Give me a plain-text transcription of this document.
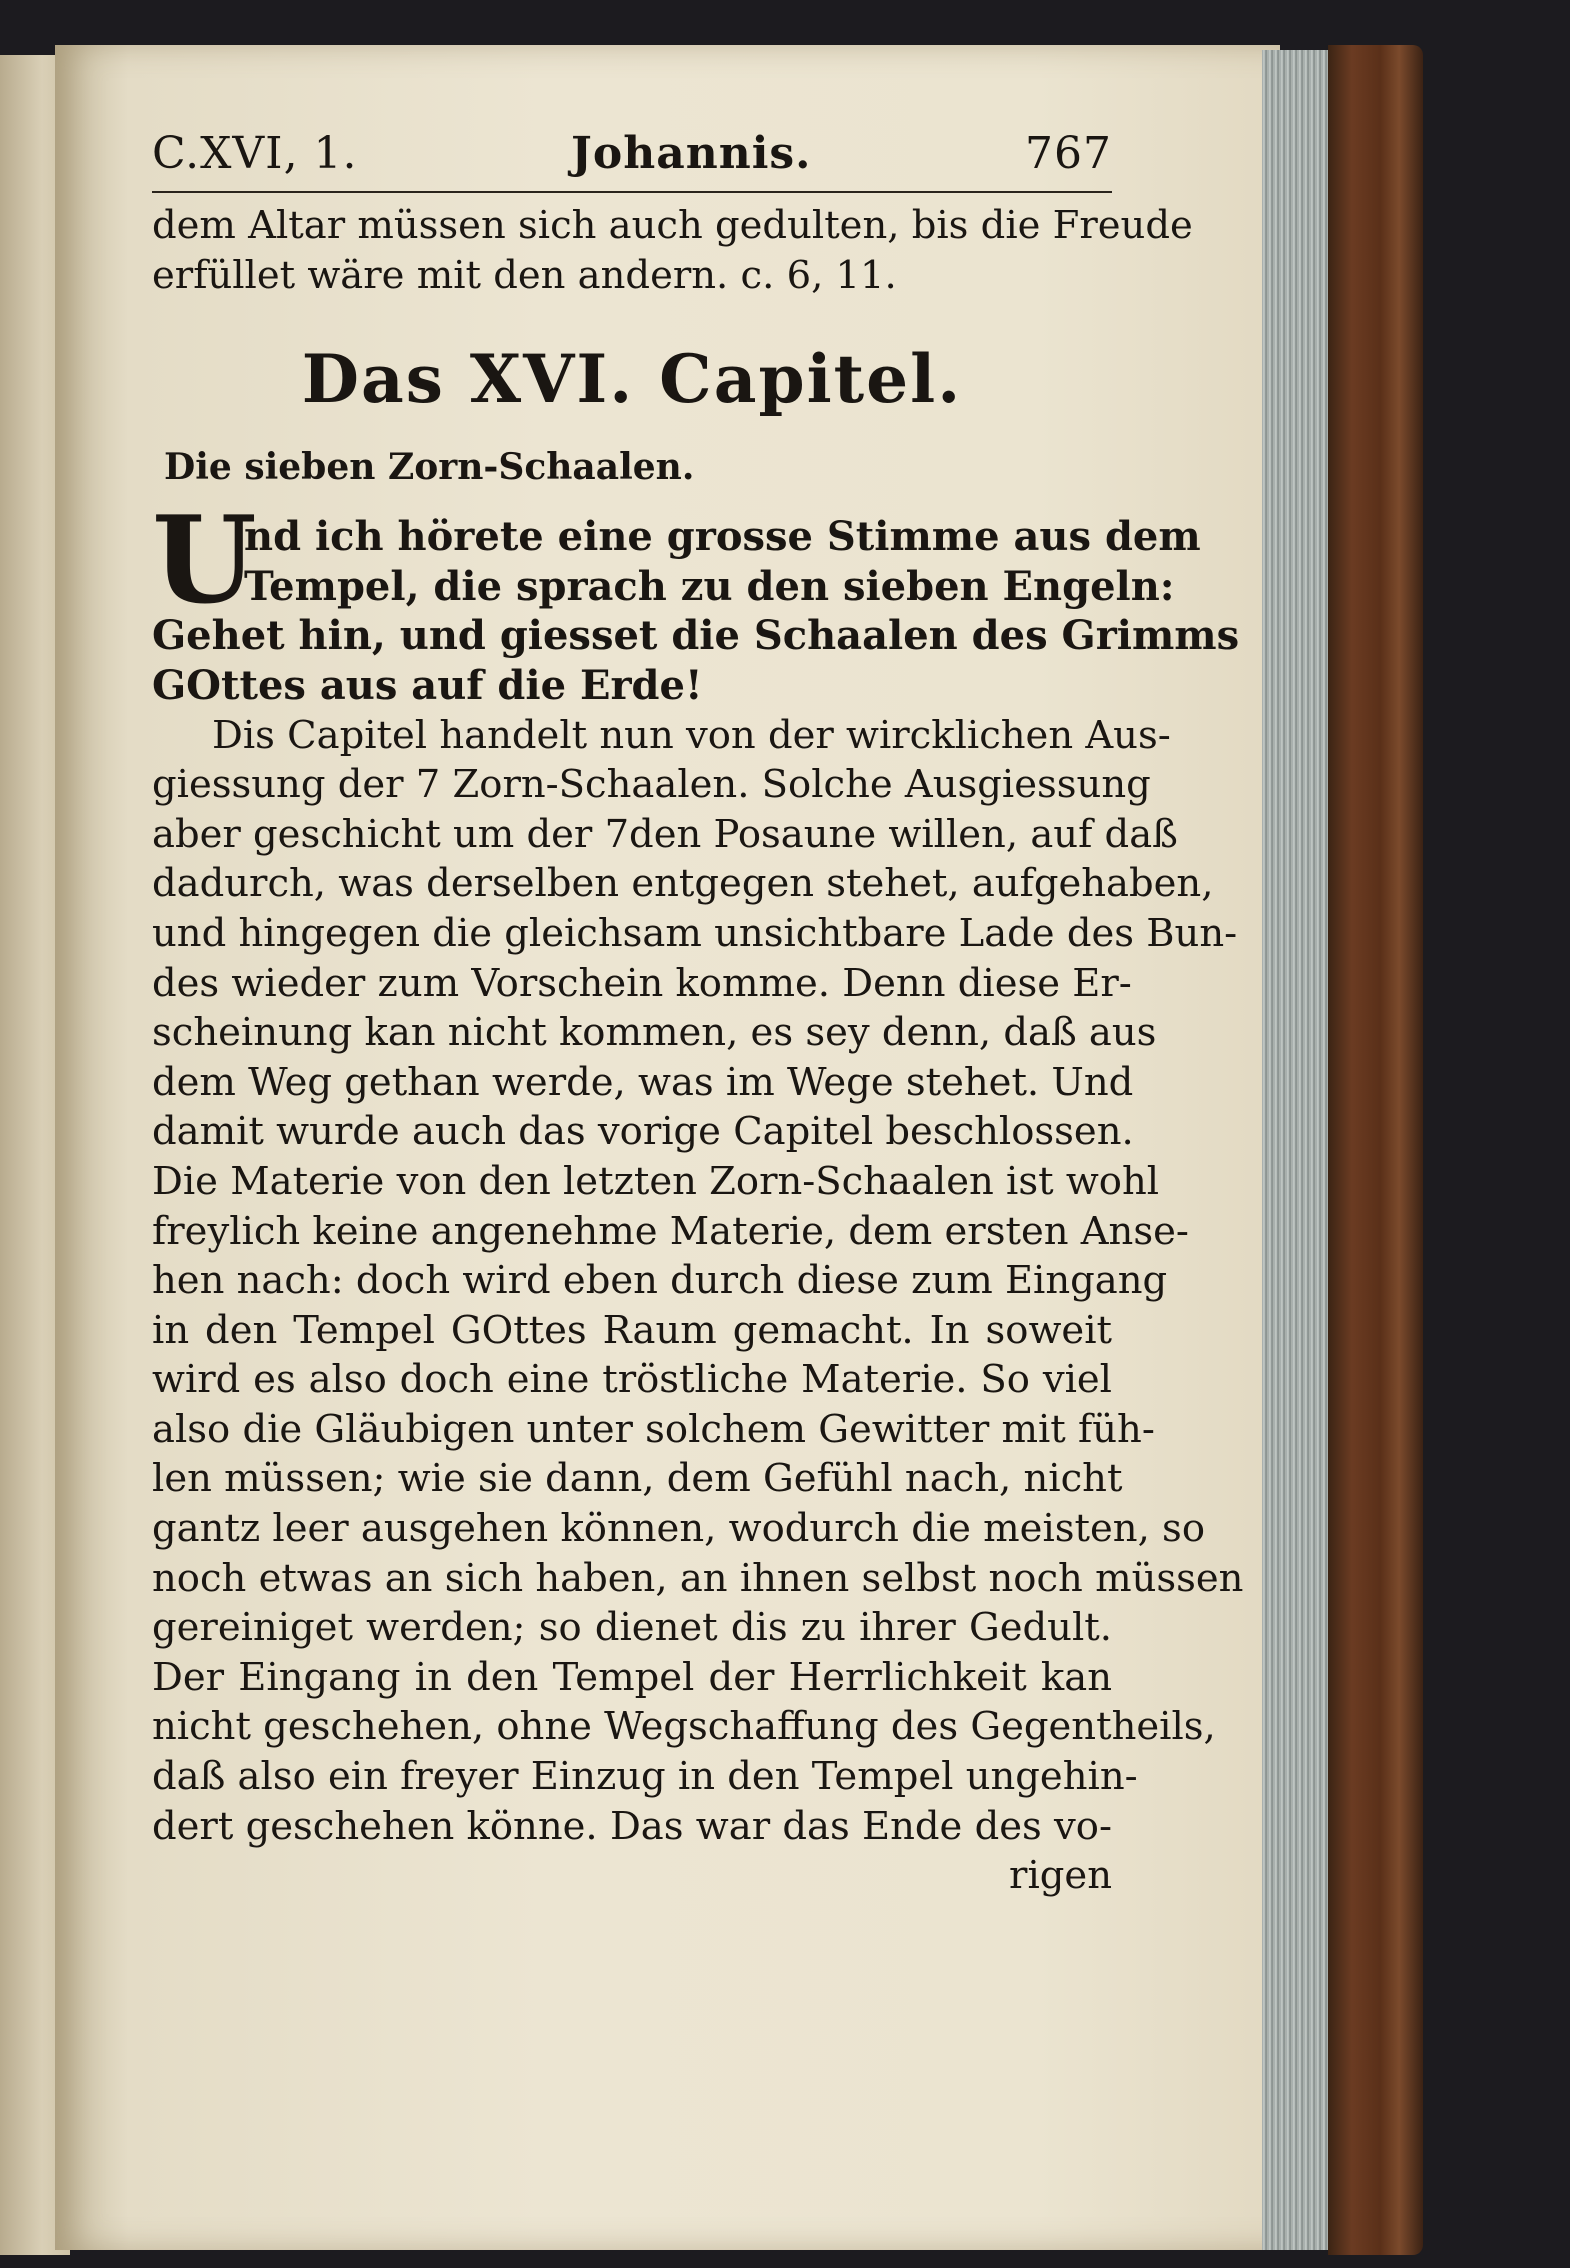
C.XVI, 1.	Johannis.	767
dem Altar müssen sich auch gedulten, bis die Freude
erfüllet wäre mit den andern. c. 6, 11.
Das XVI. Capitel.
Die sieben Zorn-Schaalen.
U
nd ich hörete eine grosse Stimme aus dem
Tempel, die sprach zu den sieben Engeln:
Gehet hin, und giesset die Schaalen des Grimms
GOttes aus auf die Erde!
Dis Capitel handelt nun von der wircklichen Aus-
giessung der 7 Zorn-Schaalen. Solche Ausgiessung
aber geschicht um der 7den Posaune willen, auf daß
dadurch, was derselben entgegen stehet, aufgehaben,
und hingegen die gleichsam unsichtbare Lade des Bun-
des wieder zum Vorschein komme. Denn diese Er-
scheinung kan nicht kommen, es sey denn, daß aus
dem Weg gethan werde, was im Wege stehet. Und
damit wurde auch das vorige Capitel beschlossen.
Die Materie von den letzten Zorn-Schaalen ist wohl
freylich keine angenehme Materie, dem ersten Anse-
hen nach: doch wird eben durch diese zum Eingang
in den Tempel GOttes Raum gemacht. In soweit
wird es also doch eine tröstliche Materie. So viel
also die Gläubigen unter solchem Gewitter mit füh-
len müssen; wie sie dann, dem Gefühl nach, nicht
gantz leer ausgehen können, wodurch die meisten, so
noch etwas an sich haben, an ihnen selbst noch müssen
gereiniget werden; so dienet dis zu ihrer Gedult.
Der Eingang in den Tempel der Herrlichkeit kan
nicht geschehen, ohne Wegschaffung des Gegentheils,
daß also ein freyer Einzug in den Tempel ungehin-
dert geschehen könne. Das war das Ende des vo-
rigen
